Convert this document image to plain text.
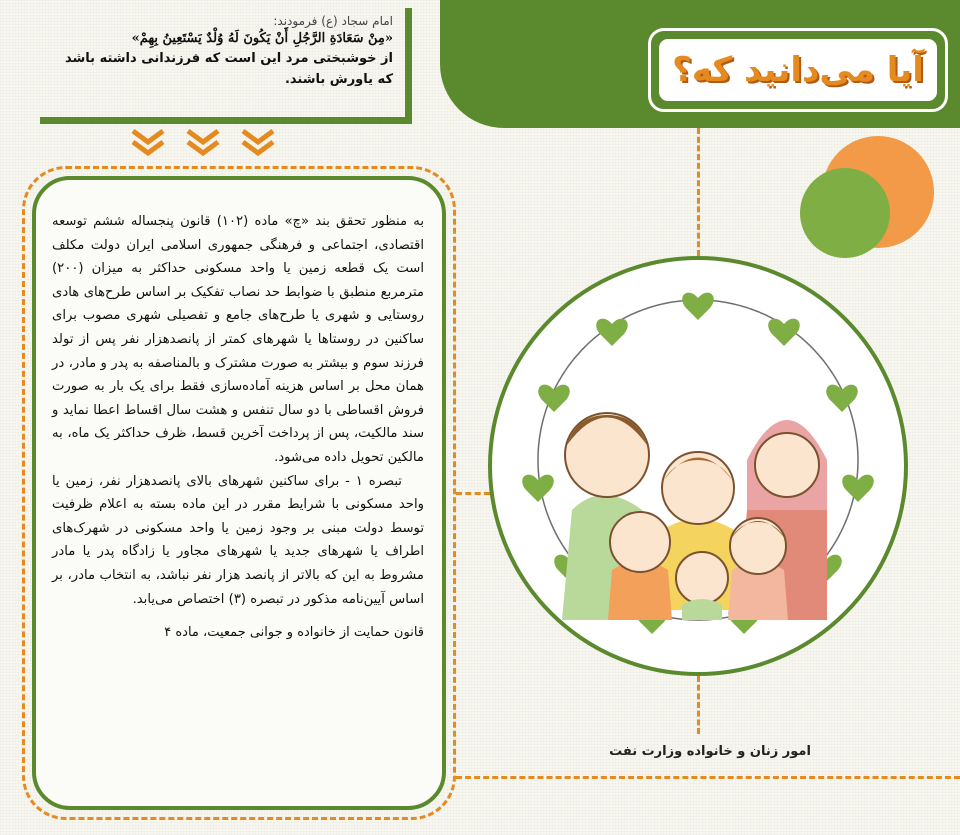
آیا می‌دانید که؟
امام سجاد (ع) فرمودند:
«مِنْ سَعَادَةِ الرَّجُلِ أَنْ یَكُونَ لَهُ وُلْدٌ یَسْتَعِینُ بِهِمْ»
از خوشبختی مرد این است که فرزندانی داشته باشد که یاورش باشند.

به منظور تحقق بند «چ» ماده (۱۰۲) قانون پنجساله ششم توسعه اقتصادی، اجتماعی و فرهنگی جمهوری اسلامی ایران دولت مکلف است یک قطعه زمین یا واحد مسکونی حداکثر به میزان (۲۰۰) مترمربع منطبق با ضوابط حد نصاب تفکیک بر اساس طرح‌های هادی روستایی و شهری یا طرح‌های جامع و تفصیلی شهری مصوب برای ساکنین در روستاها یا شهرهای کمتر از پانصدهزار نفر پس از تولد فرزند سوم و بیشتر به صورت مشترک و بالمناصفه به پدر و مادر، در همان محل بر اساس هزینه آماده‌سازی فقط برای یک بار به صورت فروش اقساطی با دو سال تنفس و هشت سال اقساط اعطا نماید و سند مالکیت، پس از پرداخت آخرین قسط، ظرف حداکثر یک ماه، به مالکین تحویل داده می‌شود.

تبصره ۱ - برای ساکنین شهرهای بالای پانصدهزار نفر، زمین یا واحد مسکونی با شرایط مقرر در این ماده بسته به اعلام ظرفیت توسط دولت مبنی بر وجود زمین یا واحد مسکونی در شهرک‌های اطراف یا شهرهای جدید یا شهرهای مجاور یا زادگاه پدر یا مادر مشروط به این که بالاتر از پانصد هزار نفر نباشد، به انتخاب مادر، بر اساس آیین‌نامه مذکور در تبصره (۳) اختصاص می‌یابد.

قانون حمایت از خانواده و جوانی جمعیت، ماده ۴

امور زنان و خانواده وزارت نفت
